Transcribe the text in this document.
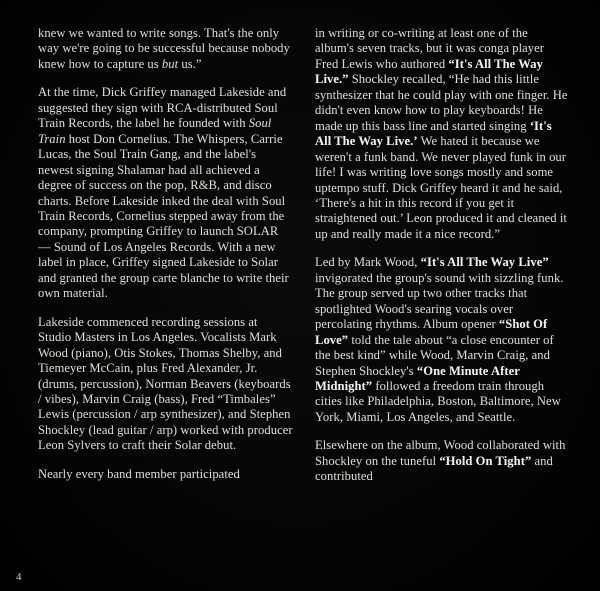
knew we wanted to write songs. That's the only way we're going to be successful because nobody knew how to capture us but us.”

At the time, Dick Griffey managed Lakeside and suggested they sign with RCA-distributed Soul Train Records, the label he founded with Soul Train host Don Cornelius. The Whispers, Carrie Lucas, the Soul Train Gang, and the label's newest signing Shalamar had all achieved a degree of success on the pop, R&B, and disco charts. Before Lakeside inked the deal with Soul Train Records, Cornelius stepped away from the company, prompting Griffey to launch SOLAR — Sound of Los Angeles Records. With a new label in place, Griffey signed Lakeside to Solar and granted the group carte blanche to write their own material.

Lakeside commenced recording sessions at Studio Masters in Los Angeles. Vocalists Mark Wood (piano), Otis Stokes, Thomas Shelby, and Tiemeyer McCain, plus Fred Alexander, Jr. (drums, percussion), Norman Beavers (keyboards / vibes), Marvin Craig (bass), Fred “Timbales” Lewis (percussion / arp synthesizer), and Stephen Shockley (lead guitar / arp) worked with producer Leon Sylvers to craft their Solar debut.

Nearly every band member participated

in writing or co-writing at least one of the album's seven tracks, but it was conga player Fred Lewis who authored “It's All The Way Live.” Shockley recalled, “He had this little synthesizer that he could play with one finger. He didn't even know how to play keyboards! He made up this bass line and started singing ‘It's All The Way Live.’ We hated it because we weren't a funk band. We never played funk in our life! I was writing love songs mostly and some uptempo stuff. Dick Griffey heard it and he said, ‘There's a hit in this record if you get it straightened out.’ Leon produced it and cleaned it up and really made it a nice record.”

Led by Mark Wood, “It's All The Way Live” invigorated the group's sound with sizzling funk. The group served up two other tracks that spotlighted Wood's searing vocals over percolating rhythms. Album opener “Shot Of Love” told the tale about “a close encounter of the best kind” while Wood, Marvin Craig, and Stephen Shockley's “One Minute After Midnight” followed a freedom train through cities like Philadelphia, Boston, Baltimore, New York, Miami, Los Angeles, and Seattle.

Elsewhere on the album, Wood collaborated with Shockley on the tuneful “Hold On Tight” and contributed

4
